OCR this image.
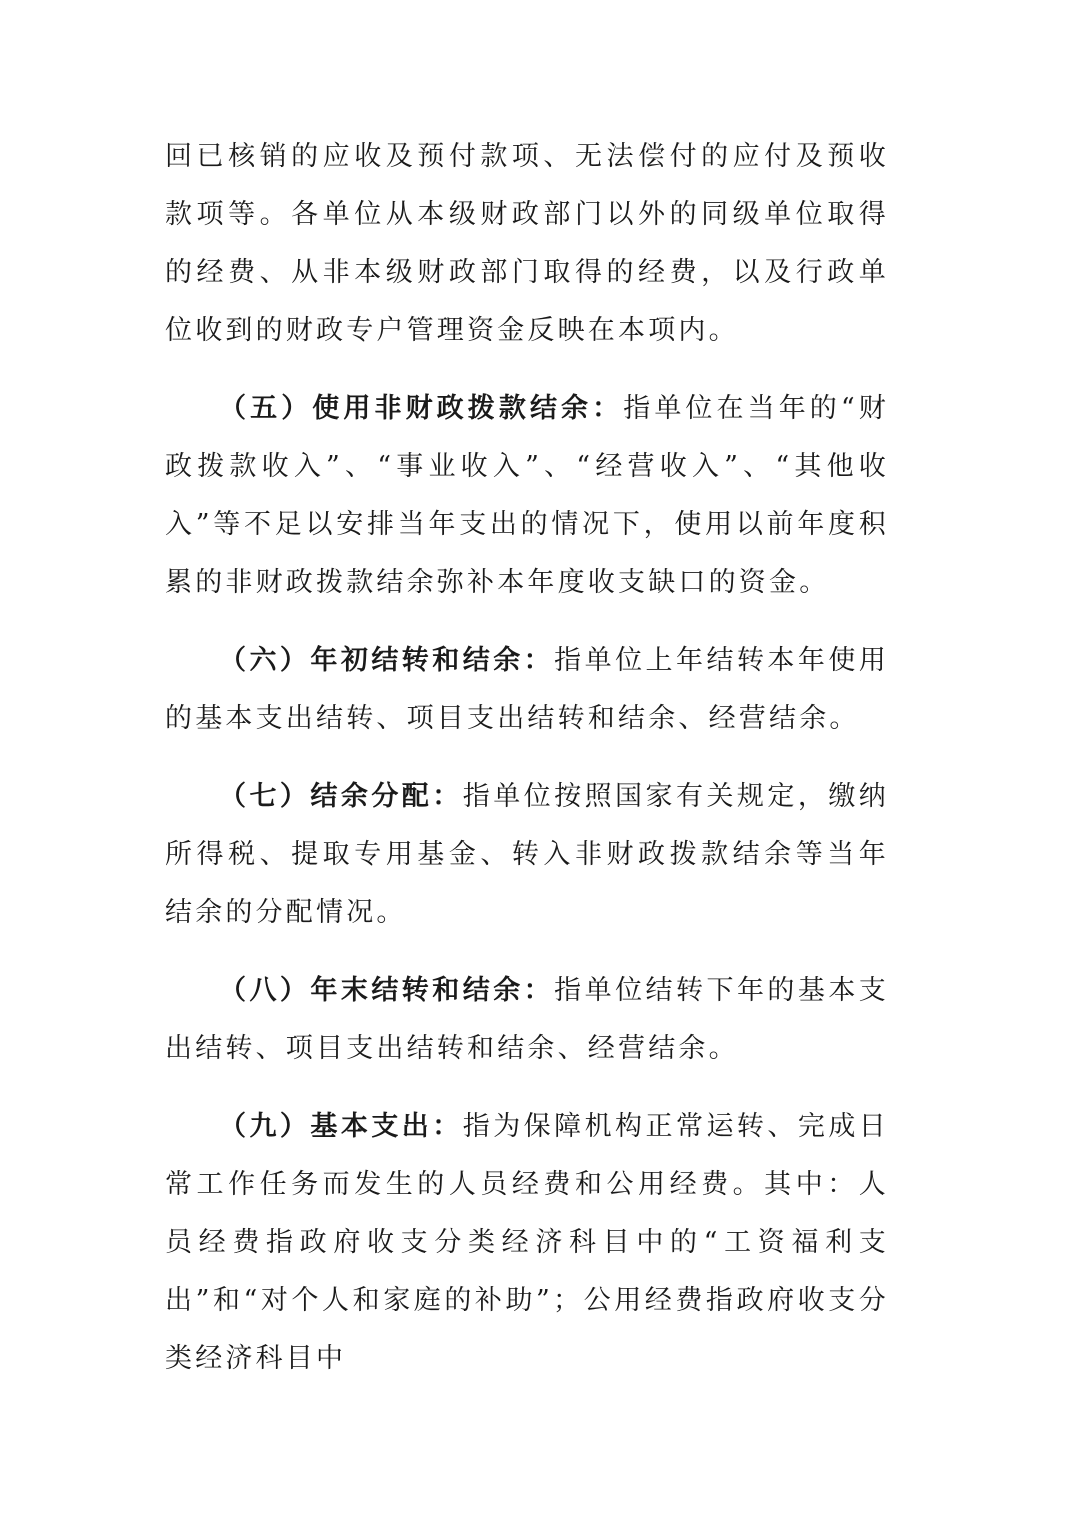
回已核销的应收及预付款项、无法偿付的应付及预收款项等。各单位从本级财政部门以外的同级单位取得的经费、从非本级财政部门取得的经费，以及行政单位收到的财政专户管理资金反映在本项内。

（五）使用非财政拨款结余：指单位在当年的“财政拨款收入”、“事业收入”、“经营收入”、“其他收入”等不足以安排当年支出的情况下，使用以前年度积累的非财政拨款结余弥补本年度收支缺口的资金。

（六）年初结转和结余：指单位上年结转本年使用的基本支出结转、项目支出结转和结余、经营结余。

（七）结余分配：指单位按照国家有关规定，缴纳所得税、提取专用基金、转入非财政拨款结余等当年结余的分配情况。

（八）年末结转和结余：指单位结转下年的基本支出结转、项目支出结转和结余、经营结余。

（九）基本支出：指为保障机构正常运转、完成日常工作任务而发生的人员经费和公用经费。其中：人员经费指政府收支分类经济科目中的“工资福利支出”和“对个人和家庭的补助”；公用经费指政府收支分类经济科目中
